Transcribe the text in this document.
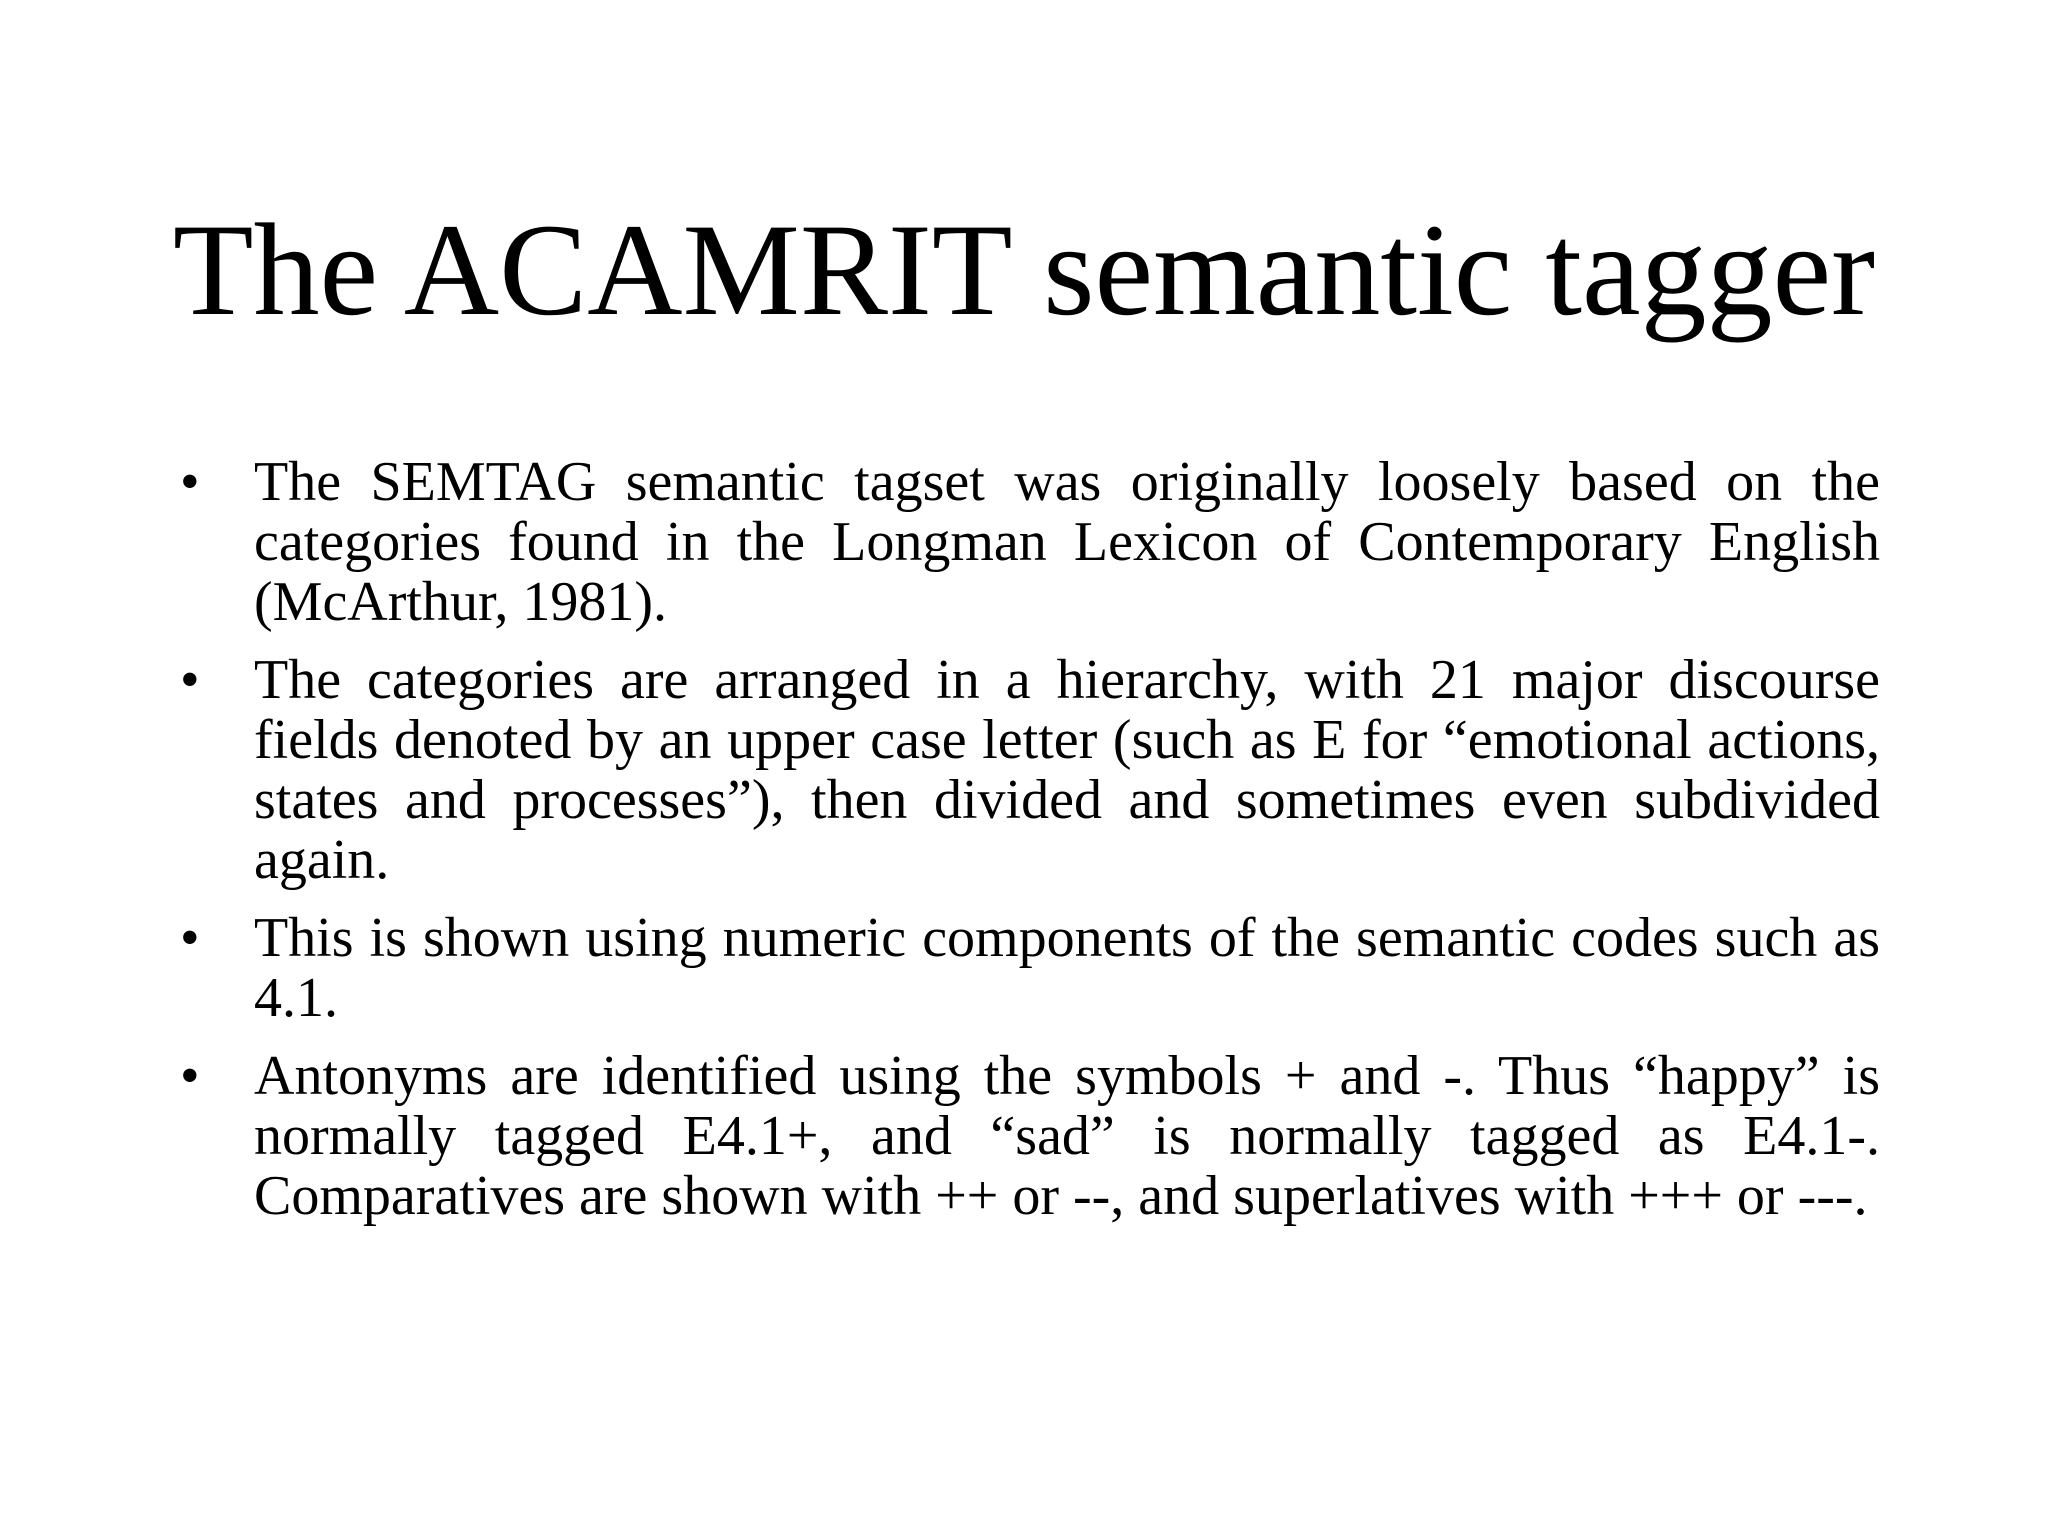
The ACAMRIT semantic tagger
• The SEMTAG semantic tagset was originally loosely based on the categories found in the Longman Lexicon of Contemporary English (McArthur, 1981).
• The categories are arranged in a hierarchy, with 21 major discourse fields denoted by an upper case letter (such as E for “emotional actions, states and processes”), then divided and sometimes even subdivided again.
• This is shown using numeric components of the semantic codes such as 4.1.
• Antonyms are identified using the symbols + and -. Thus “happy” is normally tagged E4.1+, and “sad” is normally tagged as E4.1-. Comparatives are shown with ++ or --, and superlatives with +++ or ---.
